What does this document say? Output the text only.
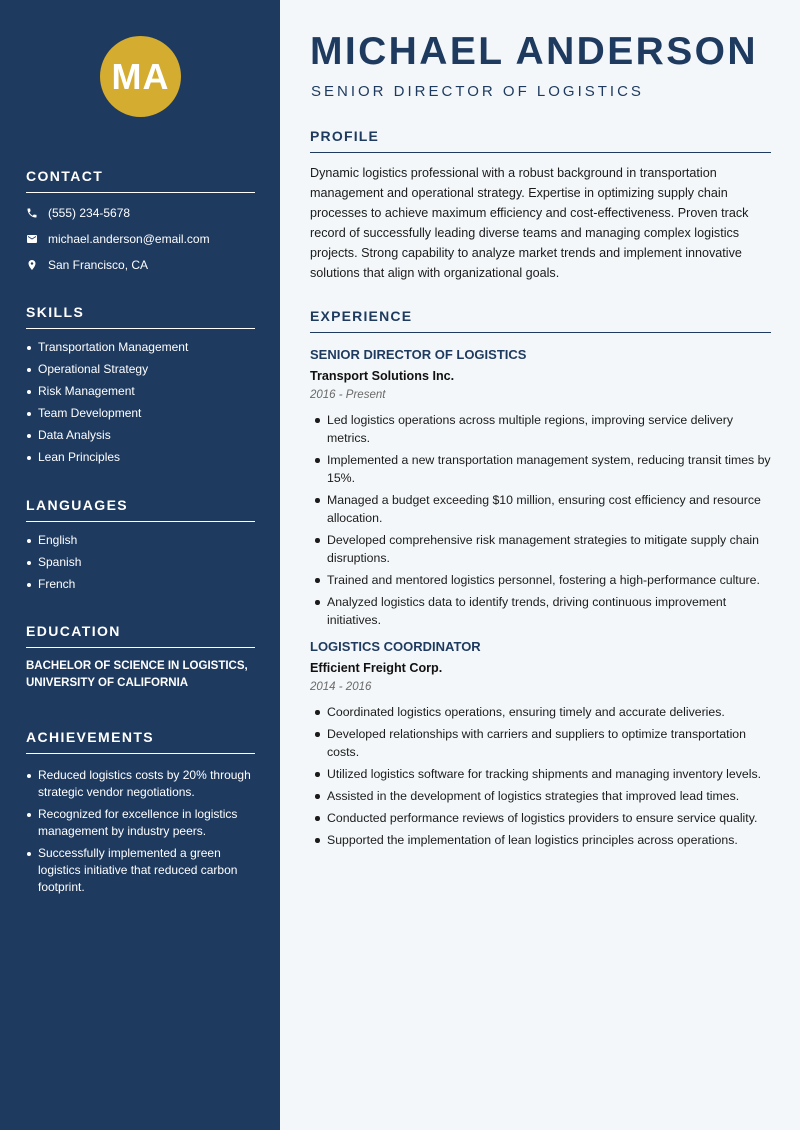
MA
CONTACT
(555) 234-5678
michael.anderson@email.com
San Francisco, CA
SKILLS
Transportation Management
Operational Strategy
Risk Management
Team Development
Data Analysis
Lean Principles
LANGUAGES
English
Spanish
French
EDUCATION
BACHELOR OF SCIENCE IN LOGISTICS, UNIVERSITY OF CALIFORNIA
ACHIEVEMENTS
Reduced logistics costs by 20% through strategic vendor negotiations.
Recognized for excellence in logistics management by industry peers.
Successfully implemented a green logistics initiative that reduced carbon footprint.
MICHAEL ANDERSON
SENIOR DIRECTOR OF LOGISTICS
PROFILE

Dynamic logistics professional with a robust background in transportation management and operational strategy. Expertise in optimizing supply chain processes to achieve maximum efficiency and cost-effectiveness. Proven track record of successfully leading diverse teams and managing complex logistics projects. Strong capability to analyze market trends and implement innovative solutions that align with organizational goals.

EXPERIENCE
SENIOR DIRECTOR OF LOGISTICS
Transport Solutions Inc.
2016 - Present
Led logistics operations across multiple regions, improving service delivery metrics.
Implemented a new transportation management system, reducing transit times by 15%.
Managed a budget exceeding $10 million, ensuring cost efficiency and resource allocation.
Developed comprehensive risk management strategies to mitigate supply chain disruptions.
Trained and mentored logistics personnel, fostering a high-performance culture.
Analyzed logistics data to identify trends, driving continuous improvement initiatives.
LOGISTICS COORDINATOR
Efficient Freight Corp.
2014 - 2016
Coordinated logistics operations, ensuring timely and accurate deliveries.
Developed relationships with carriers and suppliers to optimize transportation costs.
Utilized logistics software for tracking shipments and managing inventory levels.
Assisted in the development of logistics strategies that improved lead times.
Conducted performance reviews of logistics providers to ensure service quality.
Supported the implementation of lean logistics principles across operations.
